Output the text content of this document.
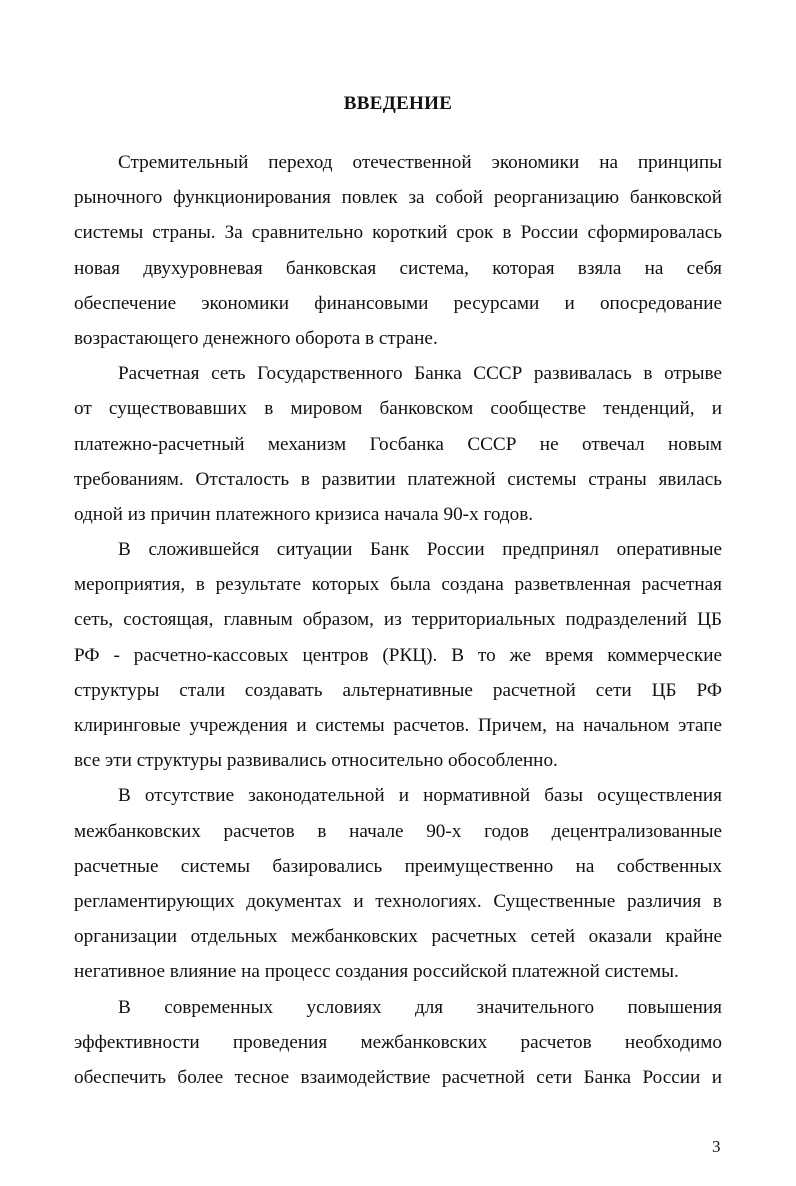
ВВЕДЕНИЕ
Стремительный переход отечественной экономики на принципы
рыночного функционирования повлек за собой реорганизацию банковской
системы страны. За сравнительно короткий срок в России сформировалась
новая двухуровневая банковская система, которая взяла на себя
обеспечение экономики финансовыми ресурсами и опосредование
возрастающего денежного оборота в стране.
Расчетная сеть Государственного Банка СССР развивалась в отрыве
от существовавших в мировом банковском сообществе тенденций, и
платежно-расчетный механизм Госбанка СССР не отвечал новым
требованиям. Отсталость в развитии платежной системы страны явилась
одной из причин платежного кризиса начала 90-х годов.
В сложившейся ситуации Банк России предпринял оперативные
мероприятия, в результате которых была создана разветвленная расчетная
сеть, состоящая, главным образом, из территориальных подразделений ЦБ
РФ - расчетно-кассовых центров (РКЦ). В то же время коммерческие
структуры стали создавать альтернативные расчетной сети ЦБ РФ
клиринговые учреждения и системы расчетов. Причем, на начальном этапе
все эти структуры развивались относительно обособленно.
В отсутствие законодательной и нормативной базы осуществления
межбанковских расчетов в начале 90-х годов децентрализованные
расчетные системы базировались преимущественно на собственных
регламентирующих документах и технологиях. Существенные различия в
организации отдельных межбанковских расчетных сетей оказали крайне
негативное влияние на процесс создания российской платежной системы.
В современных условиях для значительного повышения
эффективности проведения межбанковских расчетов необходимо
обеспечить более тесное взаимодействие расчетной сети Банка России и
3
